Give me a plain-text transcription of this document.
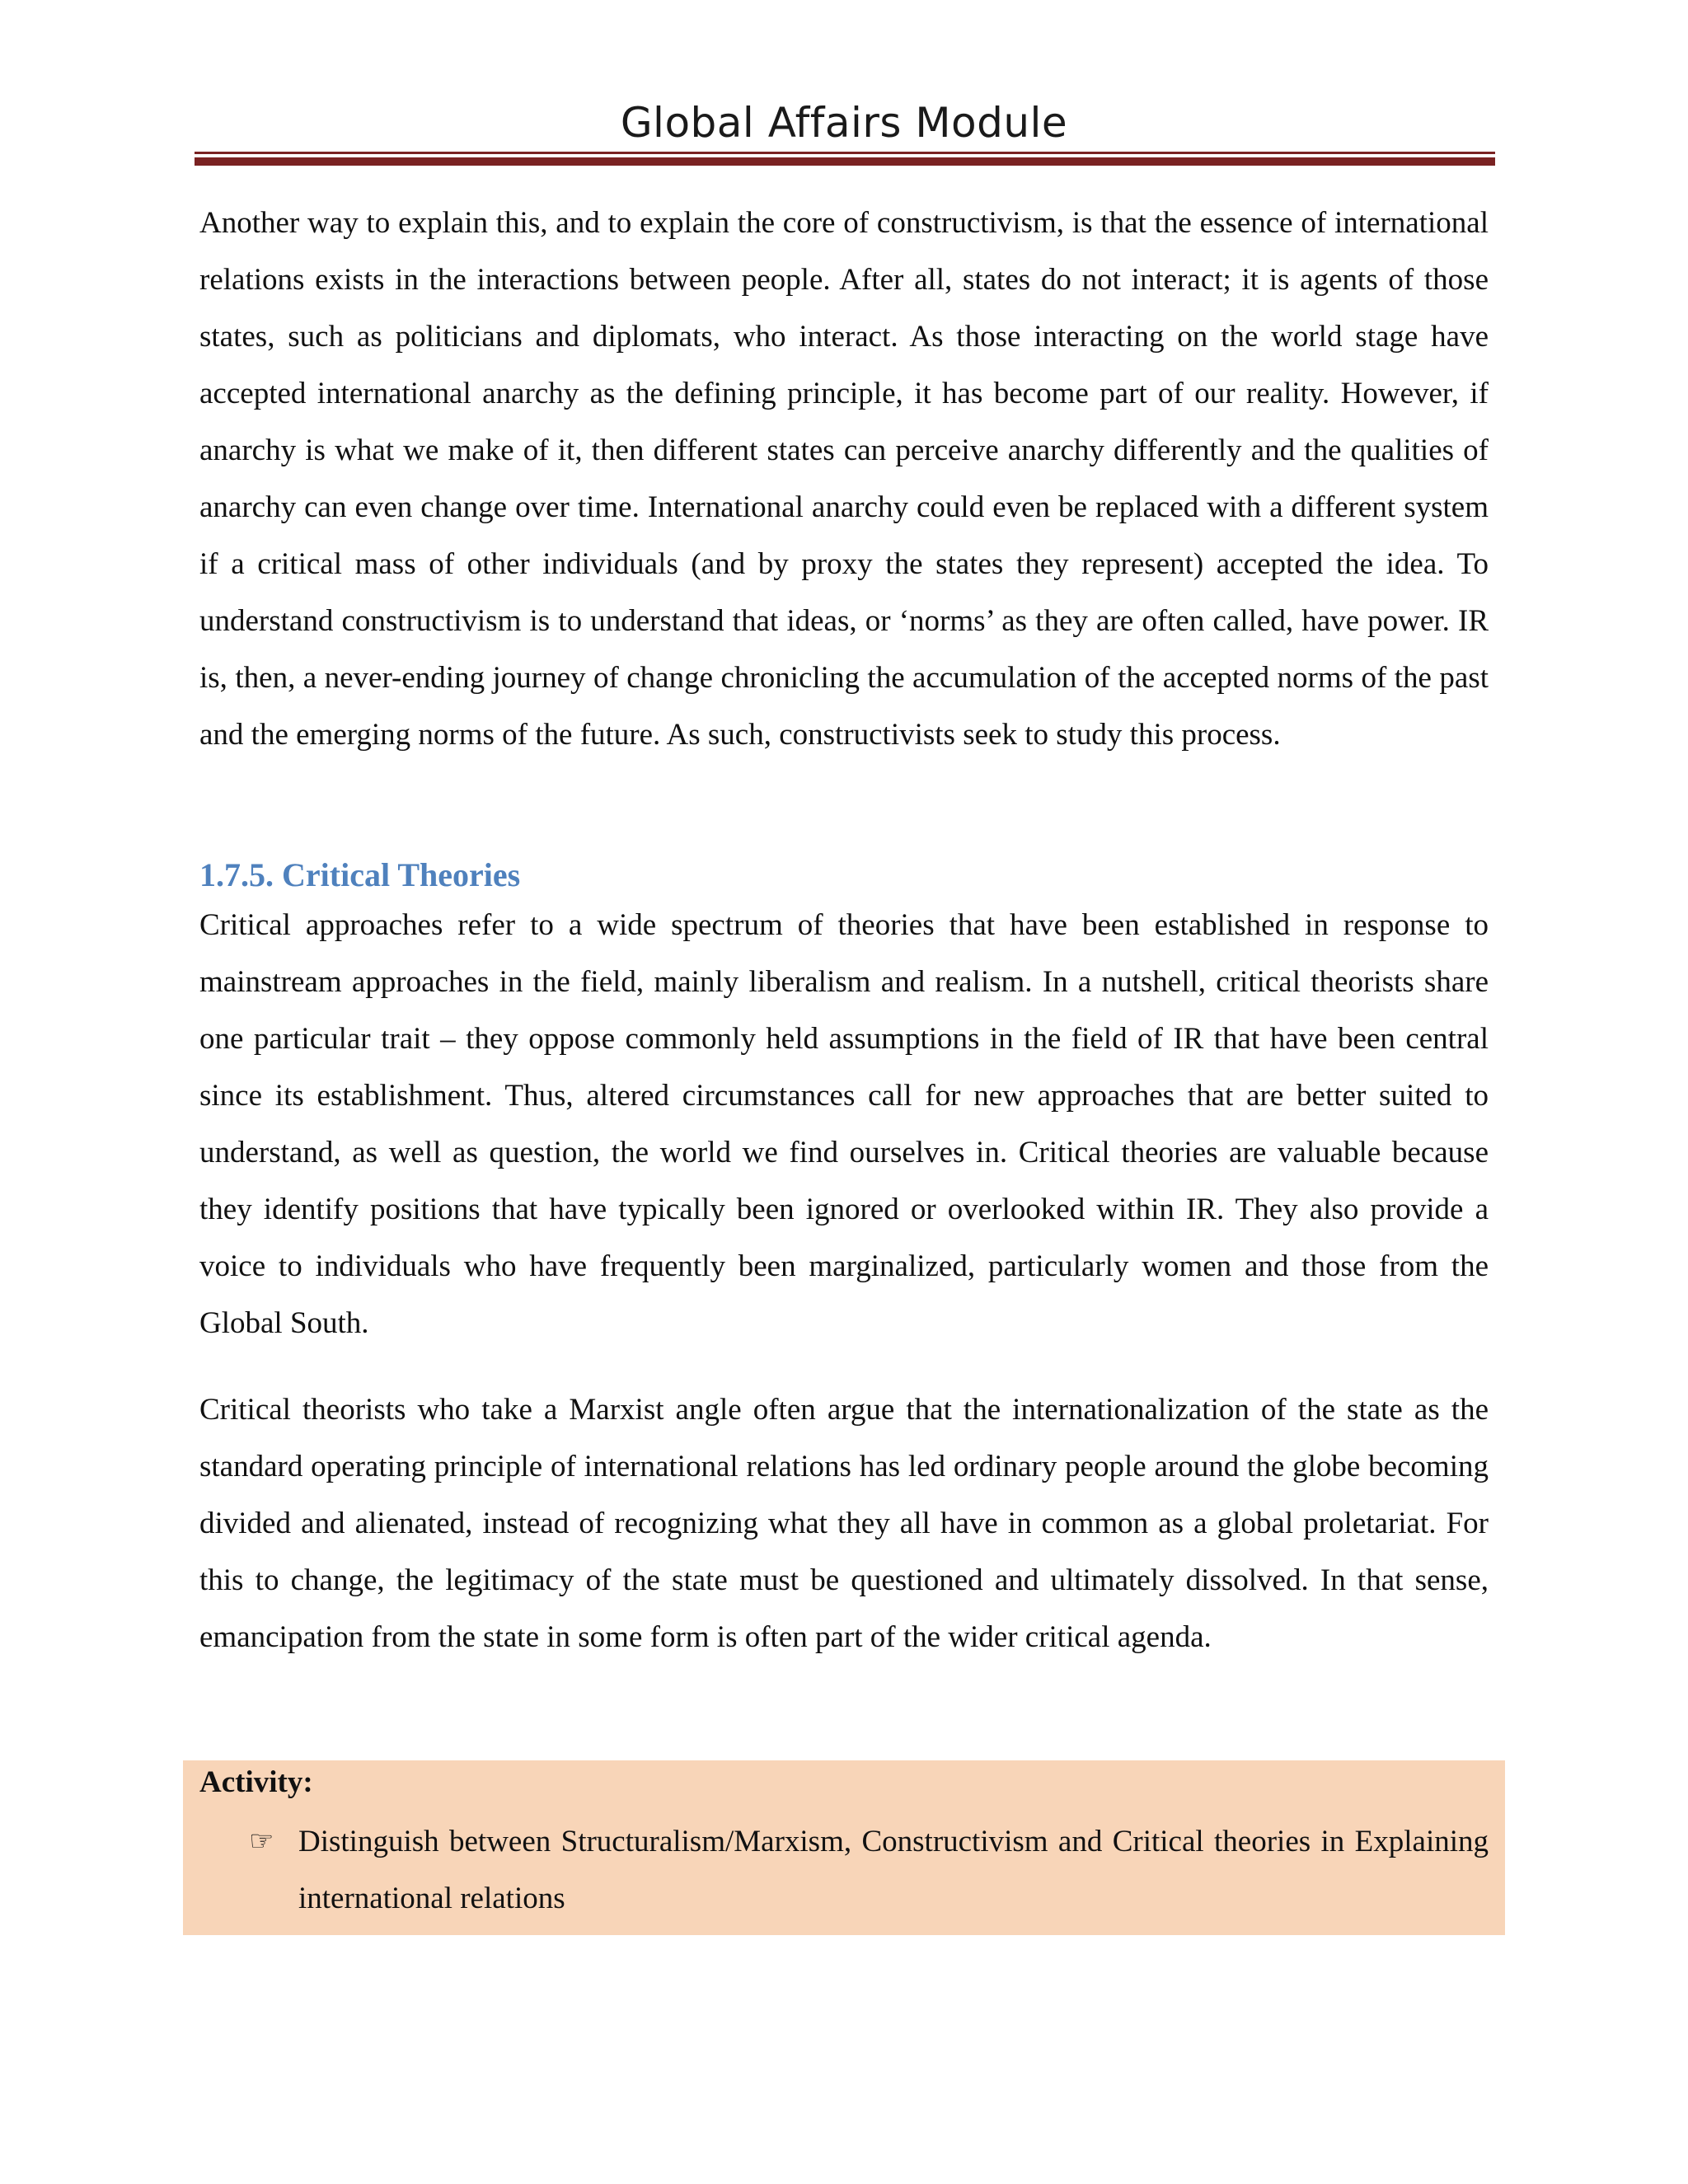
Global Affairs Module

Another way to explain this, and to explain the core of constructivism, is that the essence of international relations exists in the interactions between people. After all, states do not interact; it is agents of those states, such as politicians and diplomats, who interact. As those interacting on the world stage have accepted international anarchy as the defining principle, it has become part of our reality. However, if anarchy is what we make of it, then different states can perceive anarchy differently and the qualities of anarchy can even change over time. International anarchy could even be replaced with a different system if a critical mass of other individuals (and by proxy the states they represent) accepted the idea. To understand constructivism is to understand that ideas, or ‘norms’ as they are often called, have power. IR is, then, a never-ending journey of change chronicling the accumulation of the accepted norms of the past and the emerging norms of the future. As such, constructivists seek to study this process.

1.7.5. Critical Theories

Critical approaches refer to a wide spectrum of theories that have been established in response to mainstream approaches in the field, mainly liberalism and realism. In a nutshell, critical theorists share one particular trait – they oppose commonly held assumptions in the field of IR that have been central since its establishment. Thus, altered circumstances call for new approaches that are better suited to understand, as well as question, the world we find ourselves in. Critical theories are valuable because they identify positions that have typically been ignored or overlooked within IR. They also provide a voice to individuals who have frequently been marginalized, particularly women and those from the Global South.

Critical theorists who take a Marxist angle often argue that the internationalization of the state as the standard operating principle of international relations has led ordinary people around the globe becoming divided and alienated, instead of recognizing what they all have in common as a global proletariat. For this to change, the legitimacy of the state must be questioned and ultimately dissolved. In that sense, emancipation from the state in some form is often part of the wider critical agenda.

Activity:
☞ Distinguish between Structuralism/Marxism, Constructivism and Critical theories in Explaining international relations
